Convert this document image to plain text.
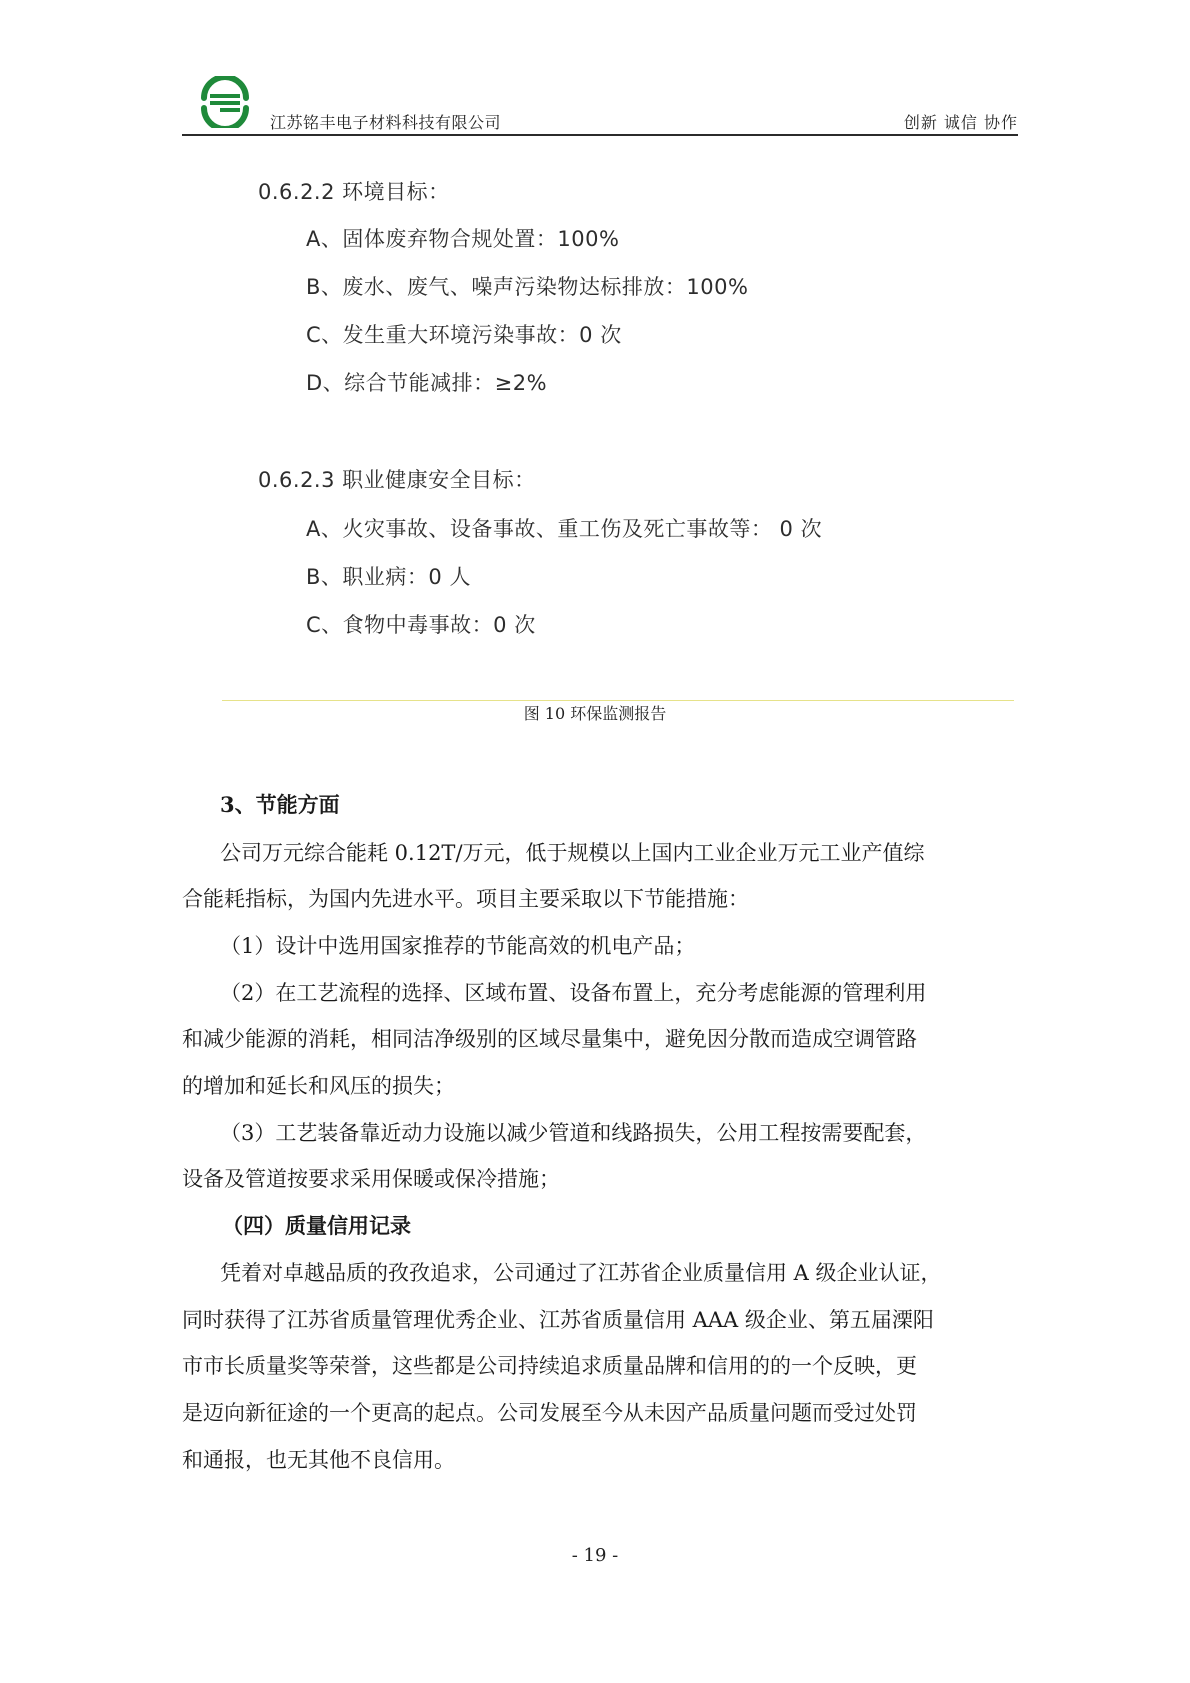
江苏铭丰电子材料科技有限公司	创新 诚信 协作
0.6.2.2 环境目标：
A、固体废弃物合规处置：100%
B、废水、废气、噪声污染物达标排放：100%
C、发生重大环境污染事故：0 次
D、综合节能减排：≥2%
0.6.2.3 职业健康安全目标：
A、火灾事故、设备事故、重工伤及死亡事故等： 0 次
B、职业病：0 人
C、食物中毒事故：0 次
图 10 环保监测报告
3、节能方面
公司万元综合能耗 0.12T/万元，低于规模以上国内工业企业万元工业产值综
合能耗指标，为国内先进水平。项目主要采取以下节能措施：
（1）设计中选用国家推荐的节能高效的机电产品；
（2）在工艺流程的选择、区域布置、设备布置上，充分考虑能源的管理利用
和减少能源的消耗，相同洁净级别的区域尽量集中，避免因分散而造成空调管路
的增加和延长和风压的损失；
（3）工艺装备靠近动力设施以减少管道和线路损失，公用工程按需要配套，
设备及管道按要求采用保暖或保冷措施；
（四）质量信用记录
凭着对卓越品质的孜孜追求，公司通过了江苏省企业质量信用 A 级企业认证，
同时获得了江苏省质量管理优秀企业、江苏省质量信用 AAA 级企业、第五届溧阳
市市长质量奖等荣誉，这些都是公司持续追求质量品牌和信用的的一个反映，更
是迈向新征途的一个更高的起点。公司发展至今从未因产品质量问题而受过处罚
和通报，也无其他不良信用。
- 19 -
